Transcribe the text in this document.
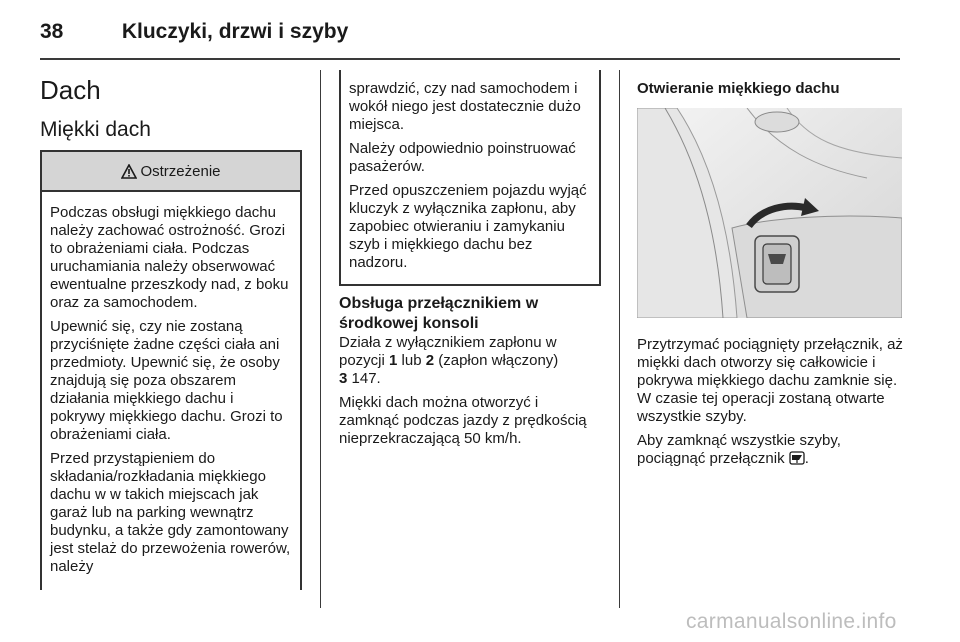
38	Kluczyki, drzwi i szyby
Dach
Miękki dach
Ostrzeżenie

Podczas obsługi miękkiego dachu należy zachować ostrożność. Grozi to obrażeniami ciała. Podczas uruchamiania należy obserwować ewentualne przeszkody nad, z boku oraz za samochodem.

Upewnić się, czy nie zostaną przyciśnięte żadne części ciała ani przedmioty. Upewnić się, że osoby znajdują się poza obszarem działania miękkiego dachu i pokrywy miękkiego dachu. Grozi to obrażeniami ciała.

Przed przystąpieniem do składania/rozkładania miękkiego dachu w w takich miejscach jak garaż lub na parking wewnątrz budynku, a także gdy zamontowany jest stelaż do przewożenia rowerów, należy

sprawdzić, czy nad samochodem i wokół niego jest dostatecznie dużo miejsca.

Należy odpowiednio poinstruować pasażerów.

Przed opuszczeniem pojazdu wyjąć kluczyk z wyłącznika zapłonu, aby zapobiec otwieraniu i zamykaniu szyb i miękkiego dachu bez nadzoru.

Obsługa przełącznikiem w środkowej konsoli

Działa z wyłącznikiem zapłonu w pozycji 1 lub 2 (zapłon włączony)
3 147.

Miękki dach można otworzyć i zamknąć podczas jazdy z prędkością nieprzekraczającą 50 km/h.

Otwieranie miękkiego dachu

Przytrzymać pociągnięty przełącznik, aż miękki dach otworzy się całkowicie i pokrywa miękkiego dachu zamknie się. W czasie tej operacji zostaną otwarte wszystkie szyby.

Aby zamknąć wszystkie szyby, pociągnąć przełącznik .

carmanualsonline.info
